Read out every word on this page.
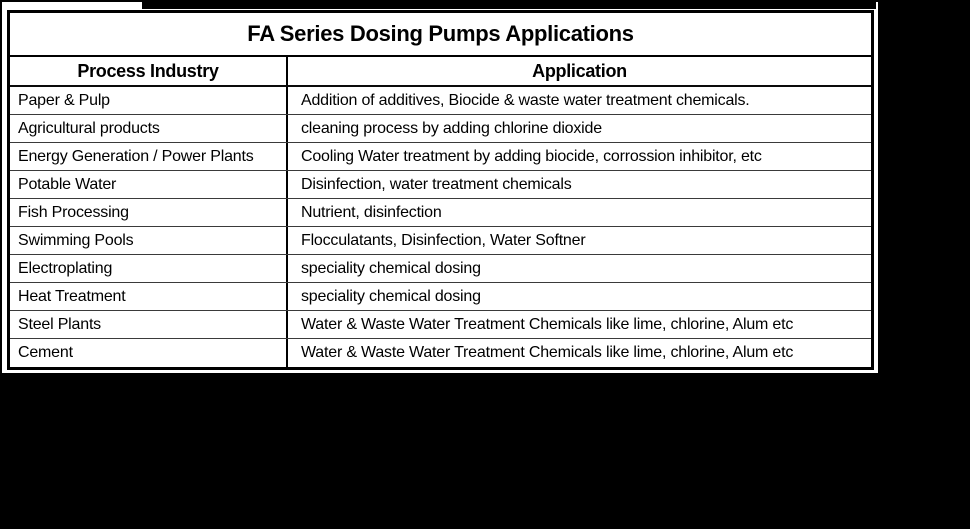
FA Series Dosing Pumps Applications
Process Industry	Application
Paper & Pulp	Addition of additives, Biocide & waste water treatment chemicals.
Agricultural products	cleaning process by adding chlorine dioxide
Energy Generation / Power Plants	Cooling Water treatment by adding biocide, corrossion inhibitor, etc
Potable Water	Disinfection, water treatment chemicals
Fish Processing	Nutrient, disinfection
Swimming Pools	Flocculatants, Disinfection, Water Softner
Electroplating	speciality chemical dosing
Heat Treatment	speciality chemical dosing
Steel Plants	Water & Waste Water Treatment Chemicals like lime, chlorine, Alum etc
Cement	Water & Waste Water Treatment Chemicals like lime, chlorine, Alum etc
